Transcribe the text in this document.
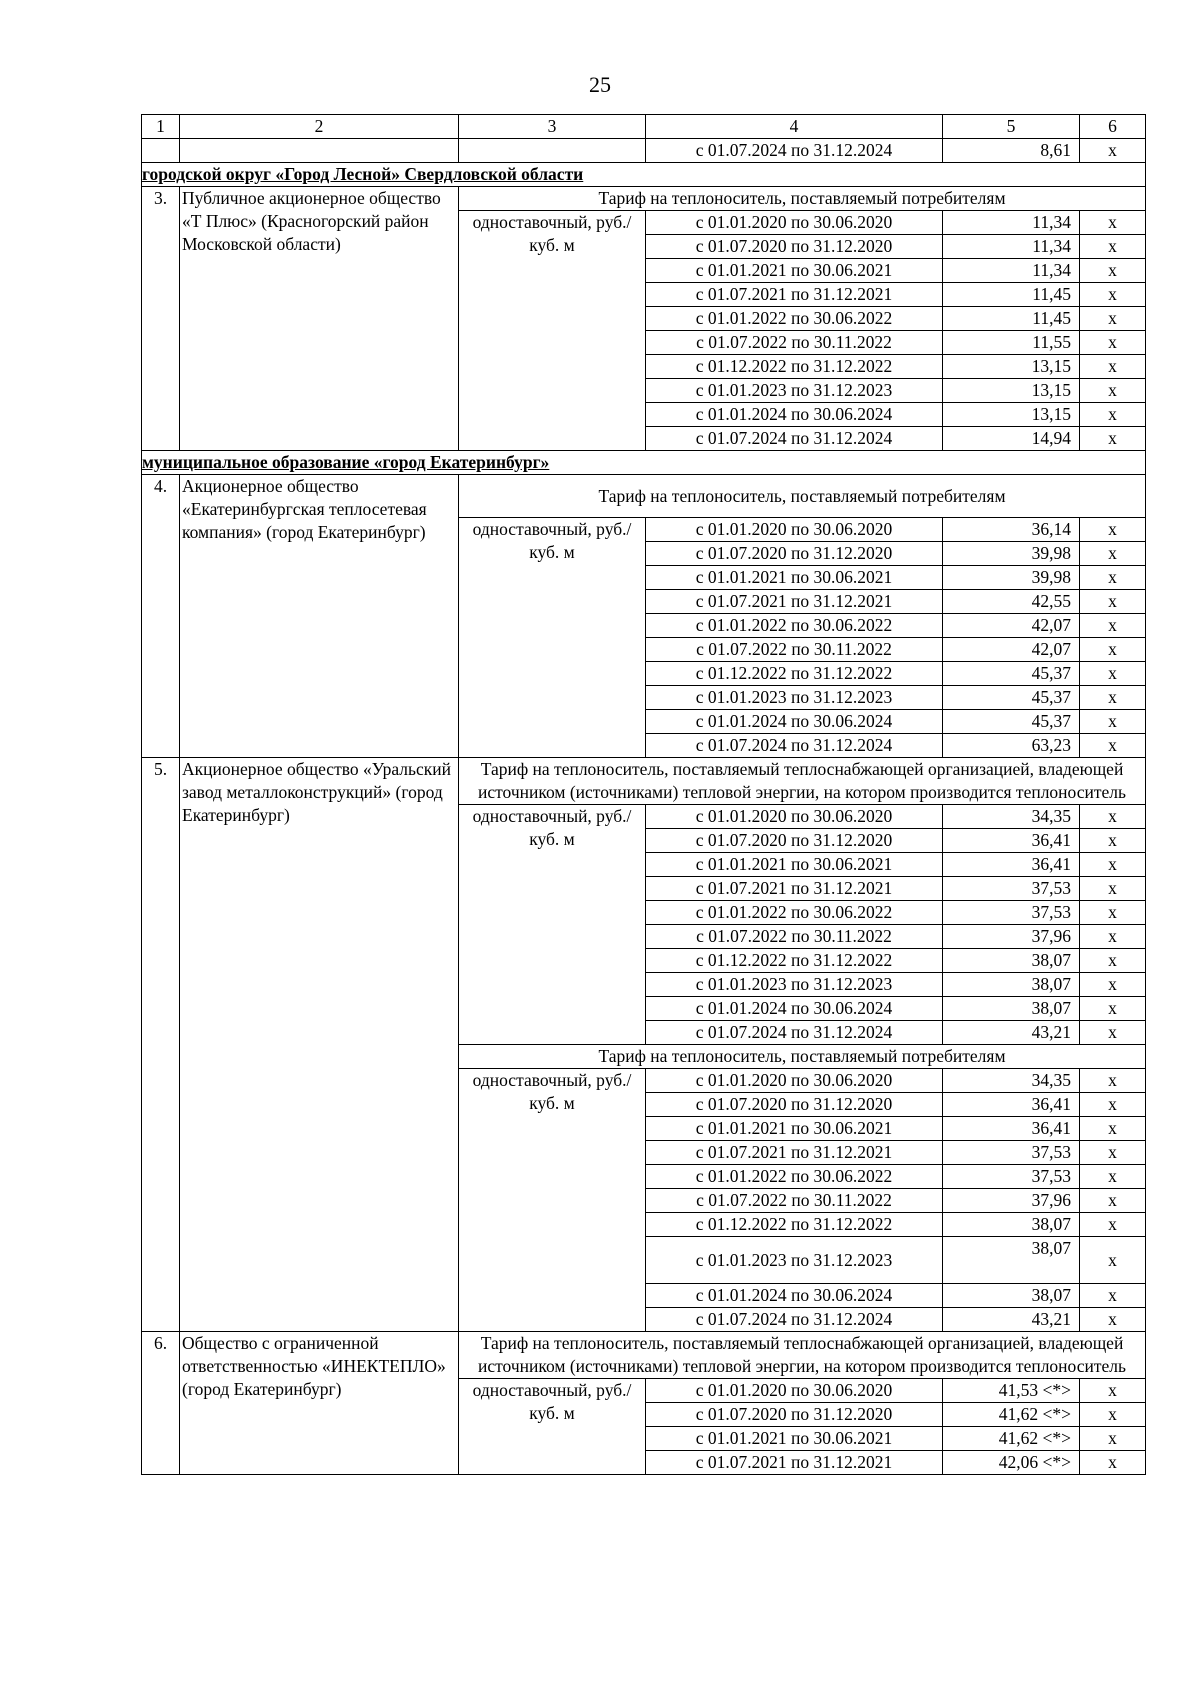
25
1	2	3	4	5	6
			с 01.07.2024 по 31.12.2024	8,61	x
городской округ «Город Лесной» Свердловской области					
3.	Публичное акционерное общество «Т Плюс» (Красногорский район Московской области)	Тариф на теплоноситель, поставляемый потребителям			
		одноставочный, руб./куб. м	с 01.01.2020 по 30.06.2020	11,34	x
			с 01.07.2020 по 31.12.2020	11,34	x
			с 01.01.2021 по 30.06.2021	11,34	x
			с 01.07.2021 по 31.12.2021	11,45	x
			с 01.01.2022 по 30.06.2022	11,45	x
			с 01.07.2022 по 30.11.2022	11,55	x
			с 01.12.2022 по 31.12.2022	13,15	x
			с 01.01.2023 по 31.12.2023	13,15	x
			с 01.01.2024 по 30.06.2024	13,15	x
			с 01.07.2024 по 31.12.2024	14,94	x
муниципальное образование «город Екатеринбург»					
4.	Акционерное общество «Екатеринбургская теплосетевая компания» (город Екатеринбург)	Тариф на теплоноситель, поставляемый потребителям			
		одноставочный, руб./куб. м	с 01.01.2020 по 30.06.2020	36,14	x
			с 01.07.2020 по 31.12.2020	39,98	x
			с 01.01.2021 по 30.06.2021	39,98	x
			с 01.07.2021 по 31.12.2021	42,55	x
			с 01.01.2022 по 30.06.2022	42,07	x
			с 01.07.2022 по 30.11.2022	42,07	x
			с 01.12.2022 по 31.12.2022	45,37	x
			с 01.01.2023 по 31.12.2023	45,37	x
			с 01.01.2024 по 30.06.2024	45,37	x
			с 01.07.2024 по 31.12.2024	63,23	x
5.	Акционерное общество «Уральский завод металлоконструкций» (город Екатеринбург)	Тариф на теплоноситель, поставляемый теплоснабжающей организацией, владеющей источником (источниками) тепловой энергии, на котором производится теплоноситель			
		одноставочный, руб./куб. м	с 01.01.2020 по 30.06.2020	34,35	x
			с 01.07.2020 по 31.12.2020	36,41	x
			с 01.01.2021 по 30.06.2021	36,41	x
			с 01.07.2021 по 31.12.2021	37,53	x
			с 01.01.2022 по 30.06.2022	37,53	x
			с 01.07.2022 по 30.11.2022	37,96	x
			с 01.12.2022 по 31.12.2022	38,07	x
			с 01.01.2023 по 31.12.2023	38,07	x
			с 01.01.2024 по 30.06.2024	38,07	x
			с 01.07.2024 по 31.12.2024	43,21	x
		Тариф на теплоноситель, поставляемый потребителям			
		одноставочный, руб./куб. м	с 01.01.2020 по 30.06.2020	34,35	x
			с 01.07.2020 по 31.12.2020	36,41	x
			с 01.01.2021 по 30.06.2021	36,41	x
			с 01.07.2021 по 31.12.2021	37,53	x
			с 01.01.2022 по 30.06.2022	37,53	x
			с 01.07.2022 по 30.11.2022	37,96	x
			с 01.12.2022 по 31.12.2022	38,07	x
			с 01.01.2023 по 31.12.2023	38,07	x
			с 01.01.2024 по 30.06.2024	38,07	x
			с 01.07.2024 по 31.12.2024	43,21	x
6.	Общество с ограниченной ответственностью «ИНЕКТЕПЛО» (город Екатеринбург)	Тариф на теплоноситель, поставляемый теплоснабжающей организацией, владеющей источником (источниками) тепловой энергии, на котором производится теплоноситель			
		одноставочный, руб./куб. м	с 01.01.2020 по 30.06.2020	41,53 <*>	x
			с 01.07.2020 по 31.12.2020	41,62 <*>	x
			с 01.01.2021 по 30.06.2021	41,62 <*>	x
			с 01.07.2021 по 31.12.2021	42,06 <*>	x
